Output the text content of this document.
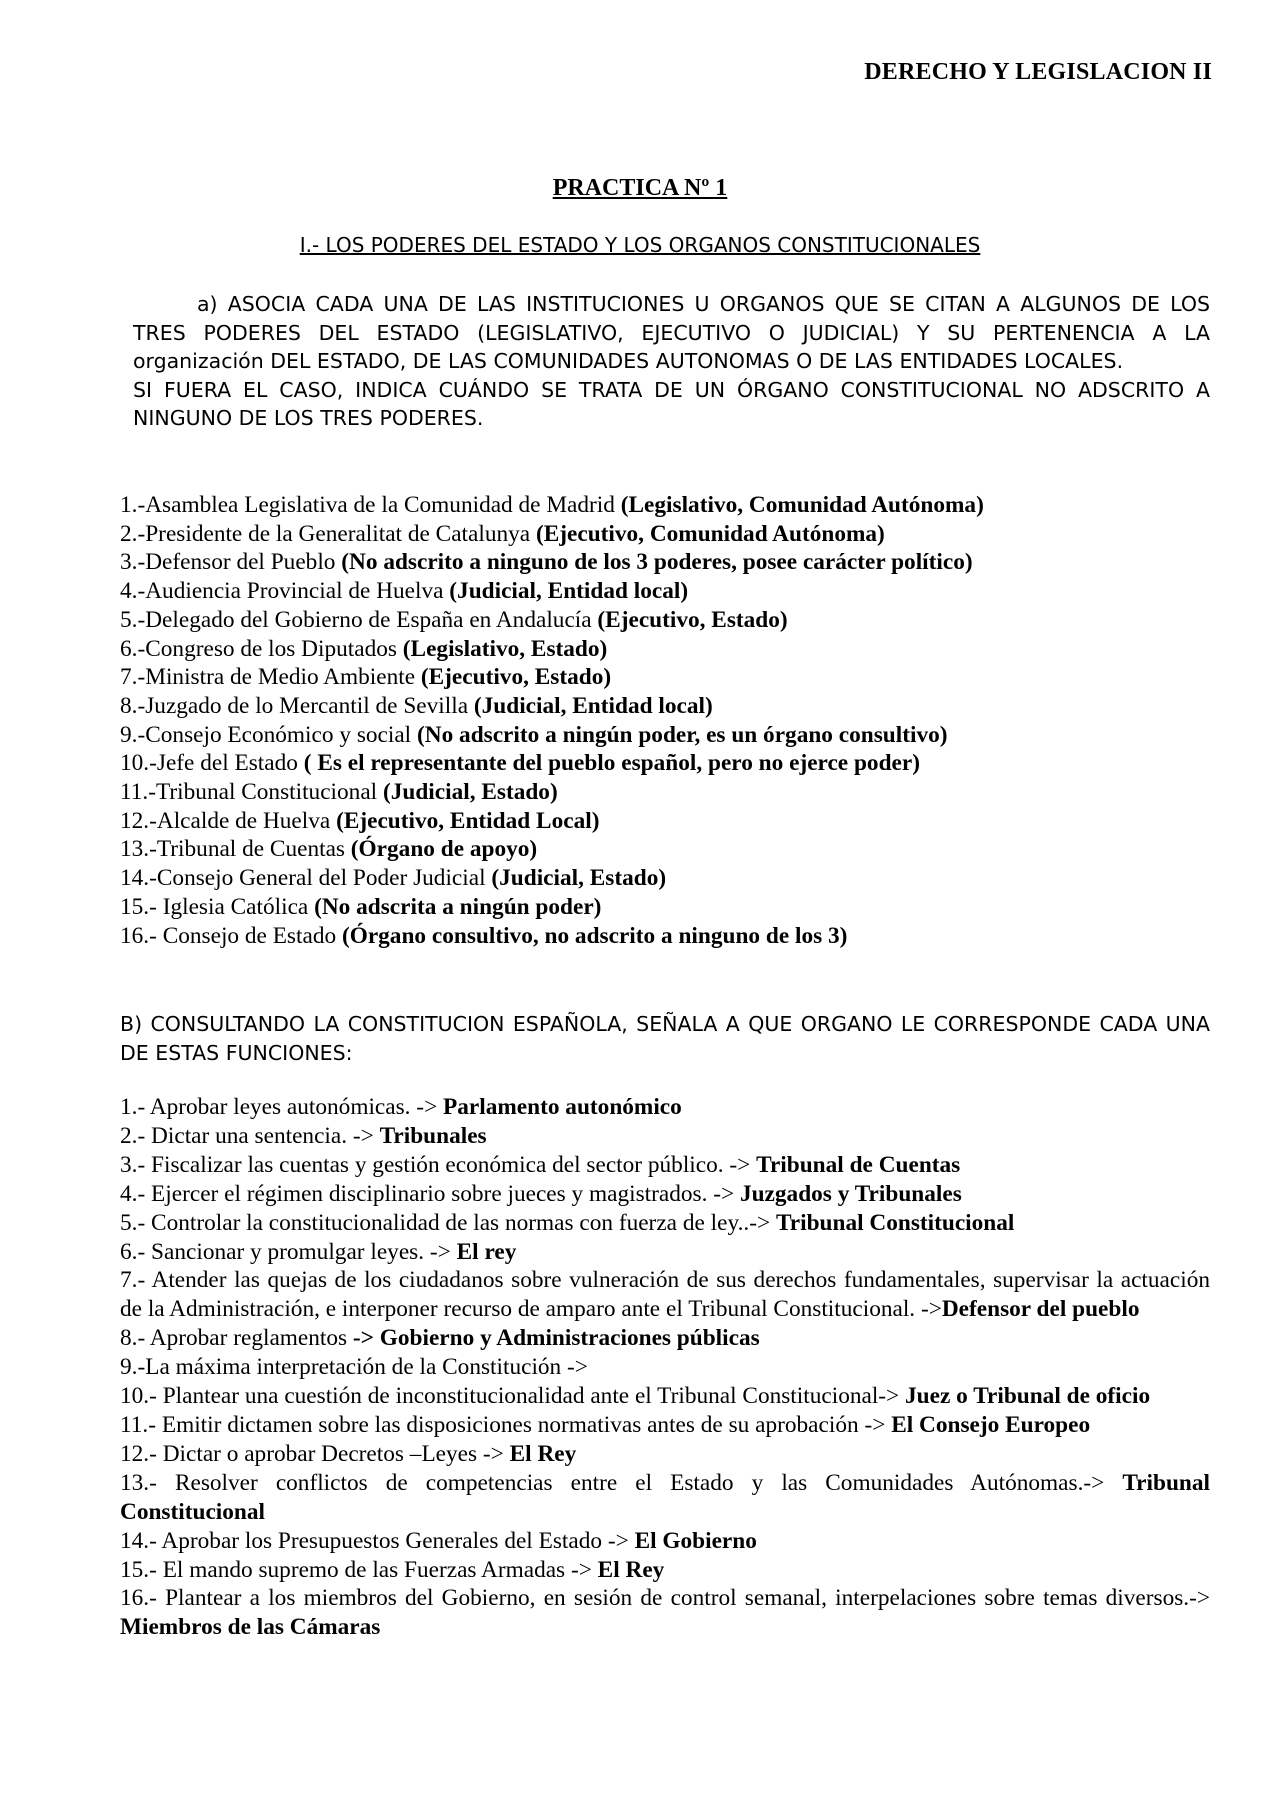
DERECHO Y LEGISLACION II
PRACTICA Nº 1
I.- LOS PODERES DEL ESTADO Y LOS ORGANOS CONSTITUCIONALES

a) ASOCIA CADA UNA DE LAS INSTITUCIONES U ORGANOS QUE SE CITAN A ALGUNOS DE LOS TRES PODERES DEL ESTADO (LEGISLATIVO, EJECUTIVO O JUDICIAL) Y SU PERTENENCIA A LA organización DEL ESTADO, DE LAS COMUNIDADES AUTONOMAS O DE LAS ENTIDADES LOCALES.

SI FUERA EL CASO, INDICA CUÁNDO SE TRATA DE UN ÓRGANO CONSTITUCIONAL NO ADSCRITO A NINGUNO DE LOS TRES PODERES.

1.-Asamblea Legislativa de la Comunidad de Madrid (Legislativo, Comunidad Autónoma)
2.-Presidente de la Generalitat de Catalunya (Ejecutivo, Comunidad Autónoma)
3.-Defensor del Pueblo (No adscrito a ninguno de los 3 poderes, posee carácter político)
4.-Audiencia Provincial de Huelva (Judicial, Entidad local)
5.-Delegado del Gobierno de España en Andalucía (Ejecutivo, Estado)
6.-Congreso de los Diputados (Legislativo, Estado)
7.-Ministra de Medio Ambiente (Ejecutivo, Estado)
8.-Juzgado de lo Mercantil de Sevilla (Judicial, Entidad local)
9.-Consejo Económico y social (No adscrito a ningún poder, es un órgano consultivo)
10.-Jefe del Estado ( Es el representante del pueblo español, pero no ejerce poder)
11.-Tribunal Constitucional (Judicial, Estado)
12.-Alcalde de Huelva (Ejecutivo, Entidad Local)
13.-Tribunal de Cuentas (Órgano de apoyo)
14.-Consejo General del Poder Judicial (Judicial, Estado)
15.- Iglesia Católica (No adscrita a ningún poder)
16.- Consejo de Estado (Órgano consultivo, no adscrito a ninguno de los 3)

B) CONSULTANDO LA CONSTITUCION ESPAÑOLA, SEÑALA A QUE ORGANO LE CORRESPONDE CADA UNA DE ESTAS FUNCIONES:

1.- Aprobar leyes autonómicas. -> Parlamento autonómico
2.- Dictar una sentencia. -> Tribunales
3.- Fiscalizar las cuentas y gestión económica del sector público. -> Tribunal de Cuentas
4.- Ejercer el régimen disciplinario sobre jueces y magistrados. -> Juzgados y Tribunales
5.- Controlar la constitucionalidad de las normas con fuerza de ley..-> Tribunal Constitucional
6.- Sancionar y promulgar leyes. -> El rey
7.- Atender las quejas de los ciudadanos sobre vulneración de sus derechos fundamentales, supervisar la actuación de la Administración, e interponer recurso de amparo ante el Tribunal Constitucional. ->Defensor del pueblo
8.- Aprobar reglamentos -> Gobierno y Administraciones públicas
9.-La máxima interpretación de la Constitución ->
10.- Plantear una cuestión de inconstitucionalidad ante el Tribunal Constitucional-> Juez o Tribunal de oficio
11.- Emitir dictamen sobre las disposiciones normativas antes de su aprobación -> El Consejo Europeo
12.- Dictar o aprobar Decretos –Leyes -> El Rey
13.- Resolver conflictos de competencias entre el Estado y las Comunidades Autónomas.-> Tribunal Constitucional
14.- Aprobar los Presupuestos Generales del Estado -> El Gobierno
15.- El mando supremo de las Fuerzas Armadas -> El Rey
16.- Plantear a los miembros del Gobierno, en sesión de control semanal, interpelaciones sobre temas diversos.-> Miembros de las Cámaras
